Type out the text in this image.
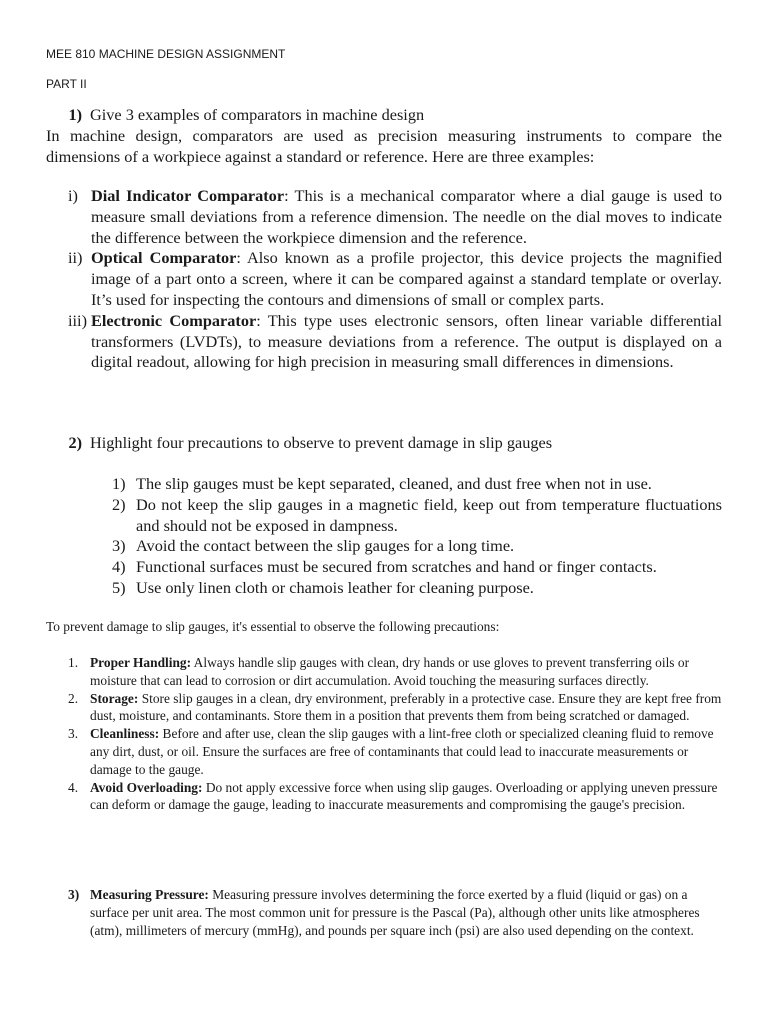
MEE 810 MACHINE DESIGN ASSIGNMENT
PART II
1) Give 3 examples of comparators in machine design
In machine design, comparators are used as precision measuring instruments to compare the dimensions of a workpiece against a standard or reference. Here are three examples:
i) Dial Indicator Comparator: This is a mechanical comparator where a dial gauge is used to measure small deviations from a reference dimension. The needle on the dial moves to indicate the difference between the workpiece dimension and the reference.
ii) Optical Comparator: Also known as a profile projector, this device projects the magnified image of a part onto a screen, where it can be compared against a standard template or overlay. It’s used for inspecting the contours and dimensions of small or complex parts.
iii) Electronic Comparator: This type uses electronic sensors, often linear variable differential transformers (LVDTs), to measure deviations from a reference. The output is displayed on a digital readout, allowing for high precision in measuring small differences in dimensions.
2) Highlight four precautions to observe to prevent damage in slip gauges
1) The slip gauges must be kept separated, cleaned, and dust free when not in use.
2) Do not keep the slip gauges in a magnetic field, keep out from temperature fluctuations and should not be exposed in dampness.
3) Avoid the contact between the slip gauges for a long time.
4) Functional surfaces must be secured from scratches and hand or finger contacts.
5) Use only linen cloth or chamois leather for cleaning purpose.
To prevent damage to slip gauges, it's essential to observe the following precautions:
1. Proper Handling: Always handle slip gauges with clean, dry hands or use gloves to prevent transferring oils or moisture that can lead to corrosion or dirt accumulation. Avoid touching the measuring surfaces directly.
2. Storage: Store slip gauges in a clean, dry environment, preferably in a protective case. Ensure they are kept free from dust, moisture, and contaminants. Store them in a position that prevents them from being scratched or damaged.
3. Cleanliness: Before and after use, clean the slip gauges with a lint-free cloth or specialized cleaning fluid to remove any dirt, dust, or oil. Ensure the surfaces are free of contaminants that could lead to inaccurate measurements or damage to the gauge.
4. Avoid Overloading: Do not apply excessive force when using slip gauges. Overloading or applying uneven pressure can deform or damage the gauge, leading to inaccurate measurements and compromising the gauge's precision.
3) Measuring Pressure: Measuring pressure involves determining the force exerted by a fluid (liquid or gas) on a surface per unit area. The most common unit for pressure is the Pascal (Pa), although other units like atmospheres (atm), millimeters of mercury (mmHg), and pounds per square inch (psi) are also used depending on the context.
